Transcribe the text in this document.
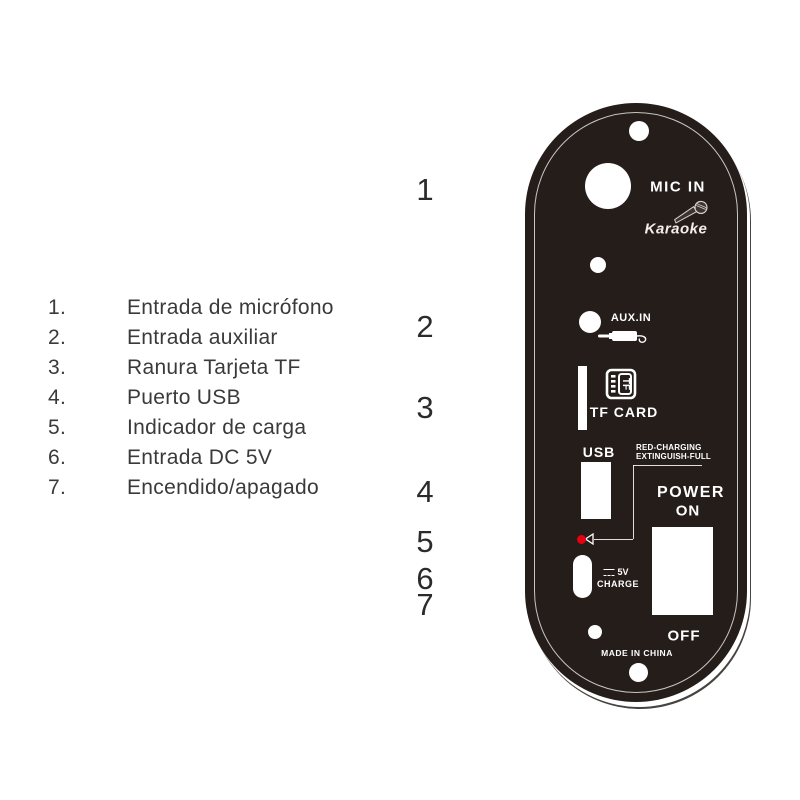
1.	Entrada de micrófono
2.	Entrada auxiliar
3.	Ranura Tarjeta TF
4.	Puerto USB
5.	Indicador de carga
6.	Entrada DC 5V
7.	Encendido/apagado
1
2
3
4
5
6
7
MIC IN
Karaoke
AUX.IN
TF
TF CARD
USB	RED-CHARGING
EXTINGUISH-FULL
POWER
ON
OFF
5V
CHARGE
MADE IN CHINA
